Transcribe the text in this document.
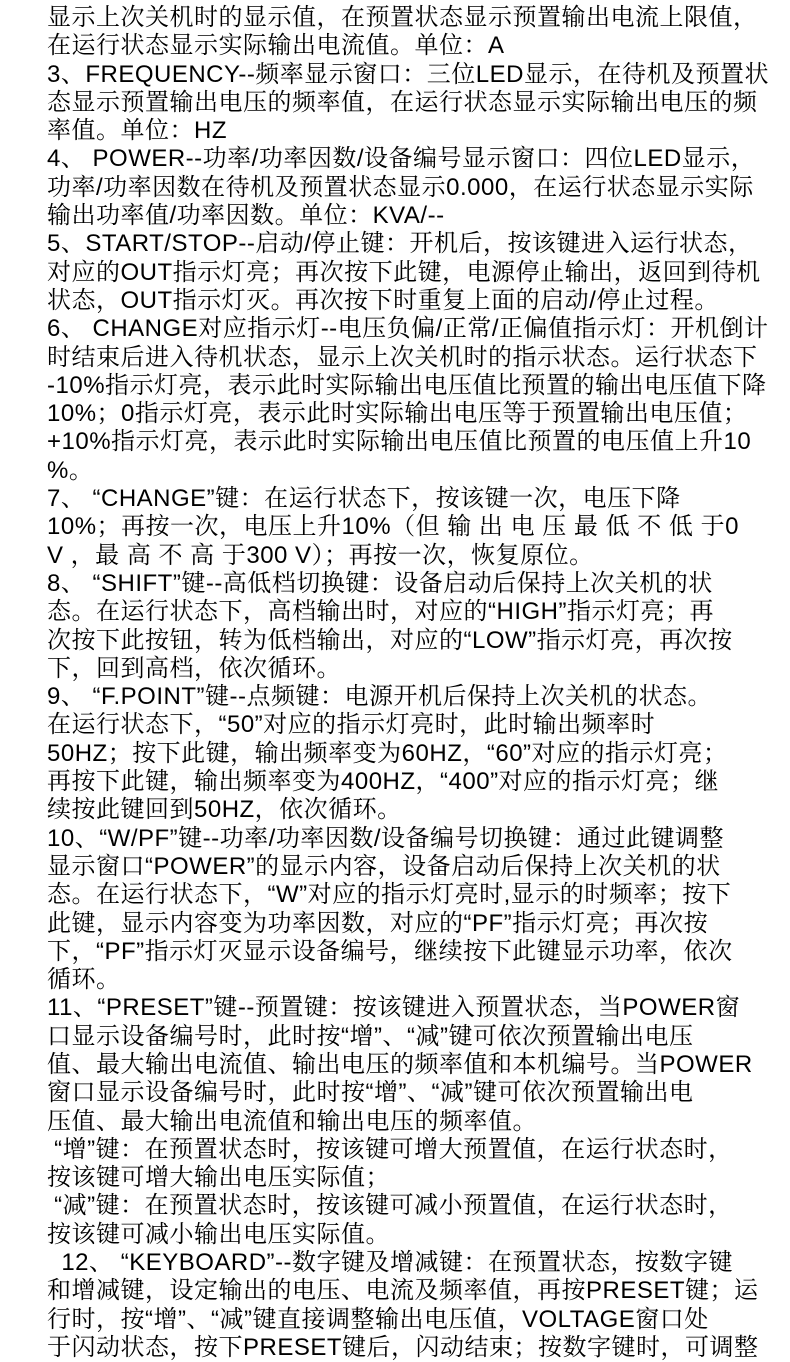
显示上次关机时的显示值，在预置状态显示预置输出电流上限值，
在运行状态显示实际输出电流值。单位：A
3、FREQUENCY--频率显示窗口：三位LED显示，在待机及预置状
态显示预置输出电压的频率值，在运行状态显示实际输出电压的频
率值。单位：HZ
4、 POWER--功率/功率因数/设备编号显示窗口：四位LED显示，
功率/功率因数在待机及预置状态显示0.000，在运行状态显示实际
输出功率值/功率因数。单位：KVA/--
5、START/STOP--启动/停止键：开机后，按该键进入运行状态，
对应的OUT指示灯亮；再次按下此键，电源停止输出，返回到待机
状态，OUT指示灯灭。再次按下时重复上面的启动/停止过程。
6、 CHANGE对应指示灯--电压负偏/正常/正偏值指示灯：开机倒计
时结束后进入待机状态，显示上次关机时的指示状态。运行状态下
-10%指示灯亮，表示此时实际输出电压值比预置的输出电压值下降
10%；0指示灯亮，表示此时实际输出电压等于预置输出电压值；
+10%指示灯亮，表示此时实际输出电压值比预置的电压值上升10
%。
7、 “CHANGE”键：在运行状态下，按该键一次，电压下降
10%；再按一次，电压上升10%（但 输 出 电 压 最 低 不 低 于0
V ，最 高 不 高 于300 V）；再按一次，恢复原位。
8、 “SHIFT”键--高低档切换键：设备启动后保持上次关机的状
态。在运行状态下，高档输出时，对应的“HIGH”指示灯亮；再
次按下此按钮，转为低档输出，对应的“LOW”指示灯亮，再次按
下，回到高档，依次循环。
9、 “F.POINT”键--点频键：电源开机后保持上次关机的状态。
在运行状态下，“50”对应的指示灯亮时，此时输出频率时
50HZ；按下此键，输出频率变为60HZ，“60”对应的指示灯亮；
再按下此键，输出频率变为400HZ，“400”对应的指示灯亮；继
续按此键回到50HZ，依次循环。
10、“W/PF”键--功率/功率因数/设备编号切换键：通过此键调整
显示窗口“POWER”的显示内容，设备启动后保持上次关机的状
态。在运行状态下，“W”对应的指示灯亮时,显示的时频率；按下
此键，显示内容变为功率因数，对应的“PF”指示灯亮；再次按
下，“PF”指示灯灭显示设备编号，继续按下此键显示功率，依次
循环。
11、“PRESET”键--预置键：按该键进入预置状态，当POWER窗
口显示设备编号时，此时按“增”、“减”键可依次预置输出电压
值、最大输出电流值、输出电压的频率值和本机编号。当POWER
窗口显示设备编号时，此时按“增”、“减”键可依次预置输出电
压值、最大输出电流值和输出电压的频率值。
“增”键：在预置状态时，按该键可增大预置值，在运行状态时，
按该键可增大输出电压实际值；
“减”键：在预置状态时，按该键可减小预置值，在运行状态时，
按该键可减小输出电压实际值。
12、 “KEYBOARD”--数字键及增减键：在预置状态，按数字键
和增减键，设定输出的电压、电流及频率值，再按PRESET键；运
行时，按“增”、“减”键直接调整输出电压值，VOLTAGE窗口处
于闪动状态，按下PRESET键后，闪动结束；按数字键时，可调整
